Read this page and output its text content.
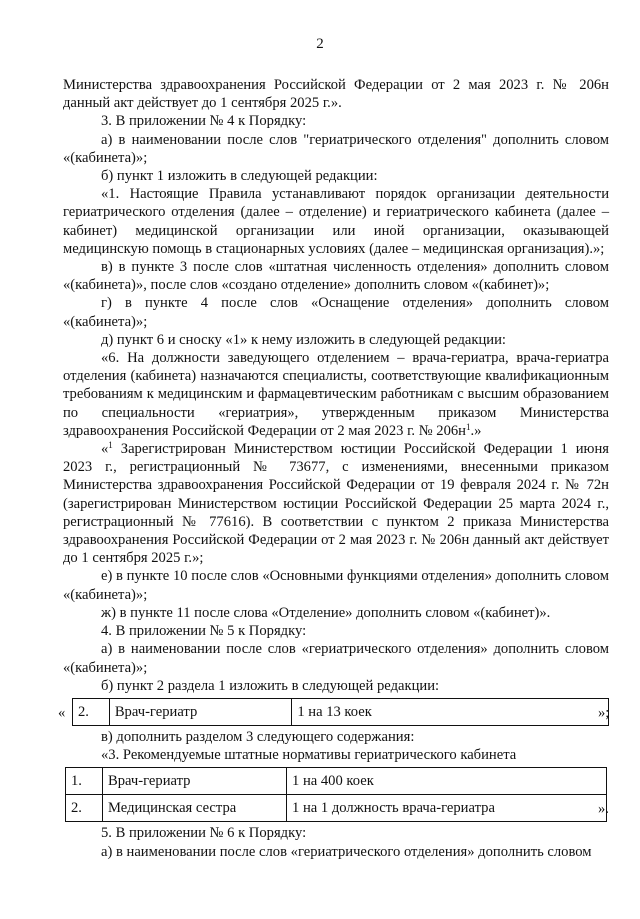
2

Министерства здравоохранения Российской Федерации от 2 мая 2023 г. № 206н данный акт действует до 1 сентября 2025 г.».

3. В приложении № 4 к Порядку:

а) в наименовании после слов "гериатрического отделения" дополнить словом «(кабинета)»;

б) пункт 1 изложить в следующей редакции:

«1. Настоящие Правила устанавливают порядок организации деятельности гериатрического отделения (далее – отделение) и гериатрического кабинета (далее – кабинет) медицинской организации или иной организации, оказывающей медицинскую помощь в стационарных условиях (далее – медицинская организация).»;

в) в пункте 3 после слов «штатная численность отделения» дополнить словом «(кабинета)», после слов «создано отделение» дополнить словом «(кабинет)»;

г) в пункте 4 после слов «Оснащение отделения» дополнить словом «(кабинета)»;

д) пункт 6 и сноску «1» к нему изложить в следующей редакции:

«6. На должности заведующего отделением – врача-гериатра, врача-гериатра отделения (кабинета) назначаются специалисты, соответствующие квалификационным требованиям к медицинским и фармацевтическим работникам с высшим образованием по специальности «гериатрия», утвержденным приказом Министерства здравоохранения Российской Федерации от 2 мая 2023 г. № $206н^1$.»

«$^1$ Зарегистрирован Министерством юстиции Российской Федерации 1 июня 2023 г., регистрационный № 73677, с изменениями, внесенными приказом Министерства здравоохранения Российской Федерации от 19 февраля 2024 г. № 72н (зарегистрирован Министерством юстиции Российской Федерации 25 марта 2024 г., регистрационный № 77616). В соответствии с пунктом 2 приказа Министерства здравоохранения Российской Федерации от 2 мая 2023 г. № 206н данный акт действует до 1 сентября 2025 г.»;

е) в пункте 10 после слов «Основными функциями отделения» дополнить словом «(кабинета)»;

ж) в пункте 11 после слова «Отделение» дополнить словом «(кабинет)».

4. В приложении № 5 к Порядку:

а) в наименовании после слов «гериатрического отделения» дополнить словом «(кабинета)»;

б) пункт 2 раздела 1 изложить в следующей редакции:

« 2.	Врач-гериатр	1 на 13 коек	»;

в) дополнить разделом 3 следующего содержания:

«3. Рекомендуемые штатные нормативы гериатрического кабинета

1.	Врач-гериатр	1 на 400 коек
2.	Медицинская сестра	1 на 1 должность врача-гериатра	».

5. В приложении № 6 к Порядку:

а) в наименовании после слов «гериатрического отделения» дополнить словом
